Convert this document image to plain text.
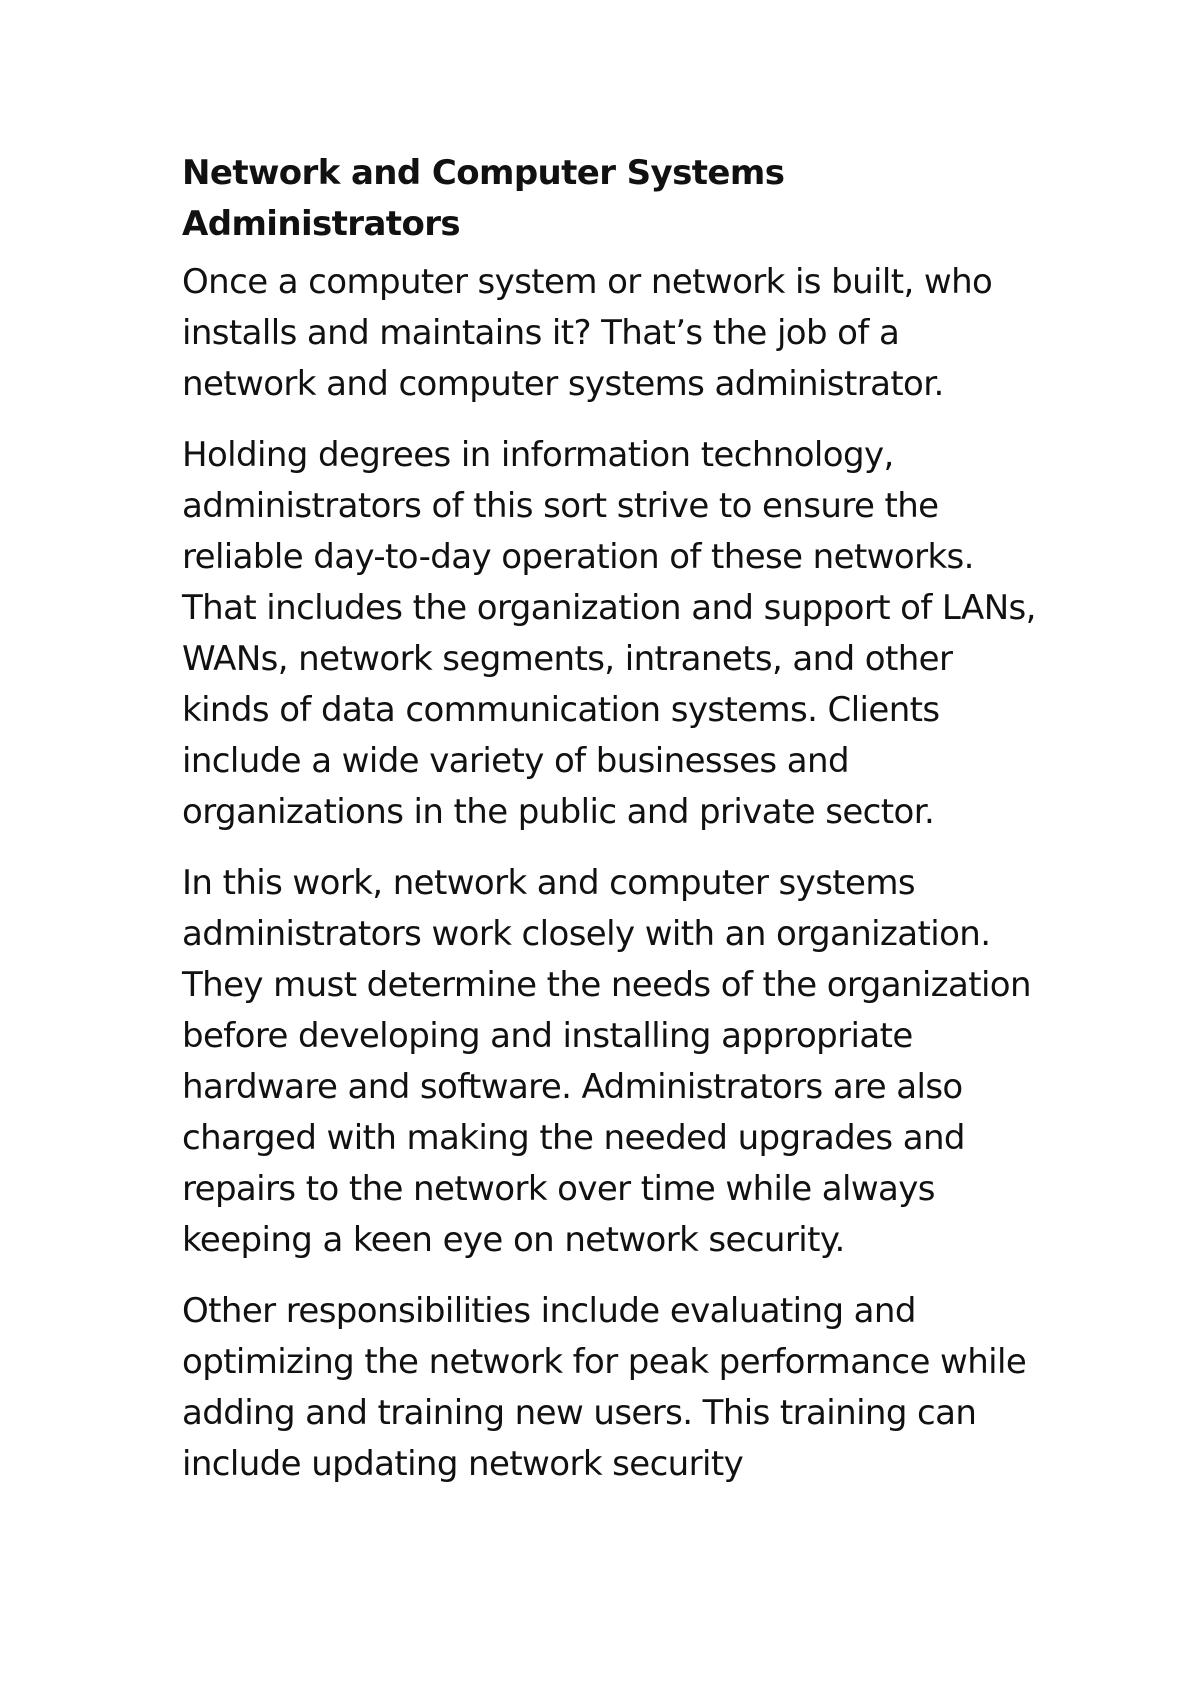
Network and Computer Systems Administrators

Once a computer system or network is built, who installs and maintains it? That’s the job of a network and computer systems administrator.

Holding degrees in information technology, administrators of this sort strive to ensure the reliable day-to-day operation of these networks. That includes the organization and support of LANs, WANs, network segments, intranets, and other kinds of data communication systems. Clients include a wide variety of businesses and organizations in the public and private sector.

In this work, network and computer systems administrators work closely with an organization. They must determine the needs of the organization before developing and installing appropriate hardware and software. Administrators are also charged with making the needed upgrades and repairs to the network over time while always keeping a keen eye on network security.

Other responsibilities include evaluating and optimizing the network for peak performance while adding and training new users. This training can include updating network security
